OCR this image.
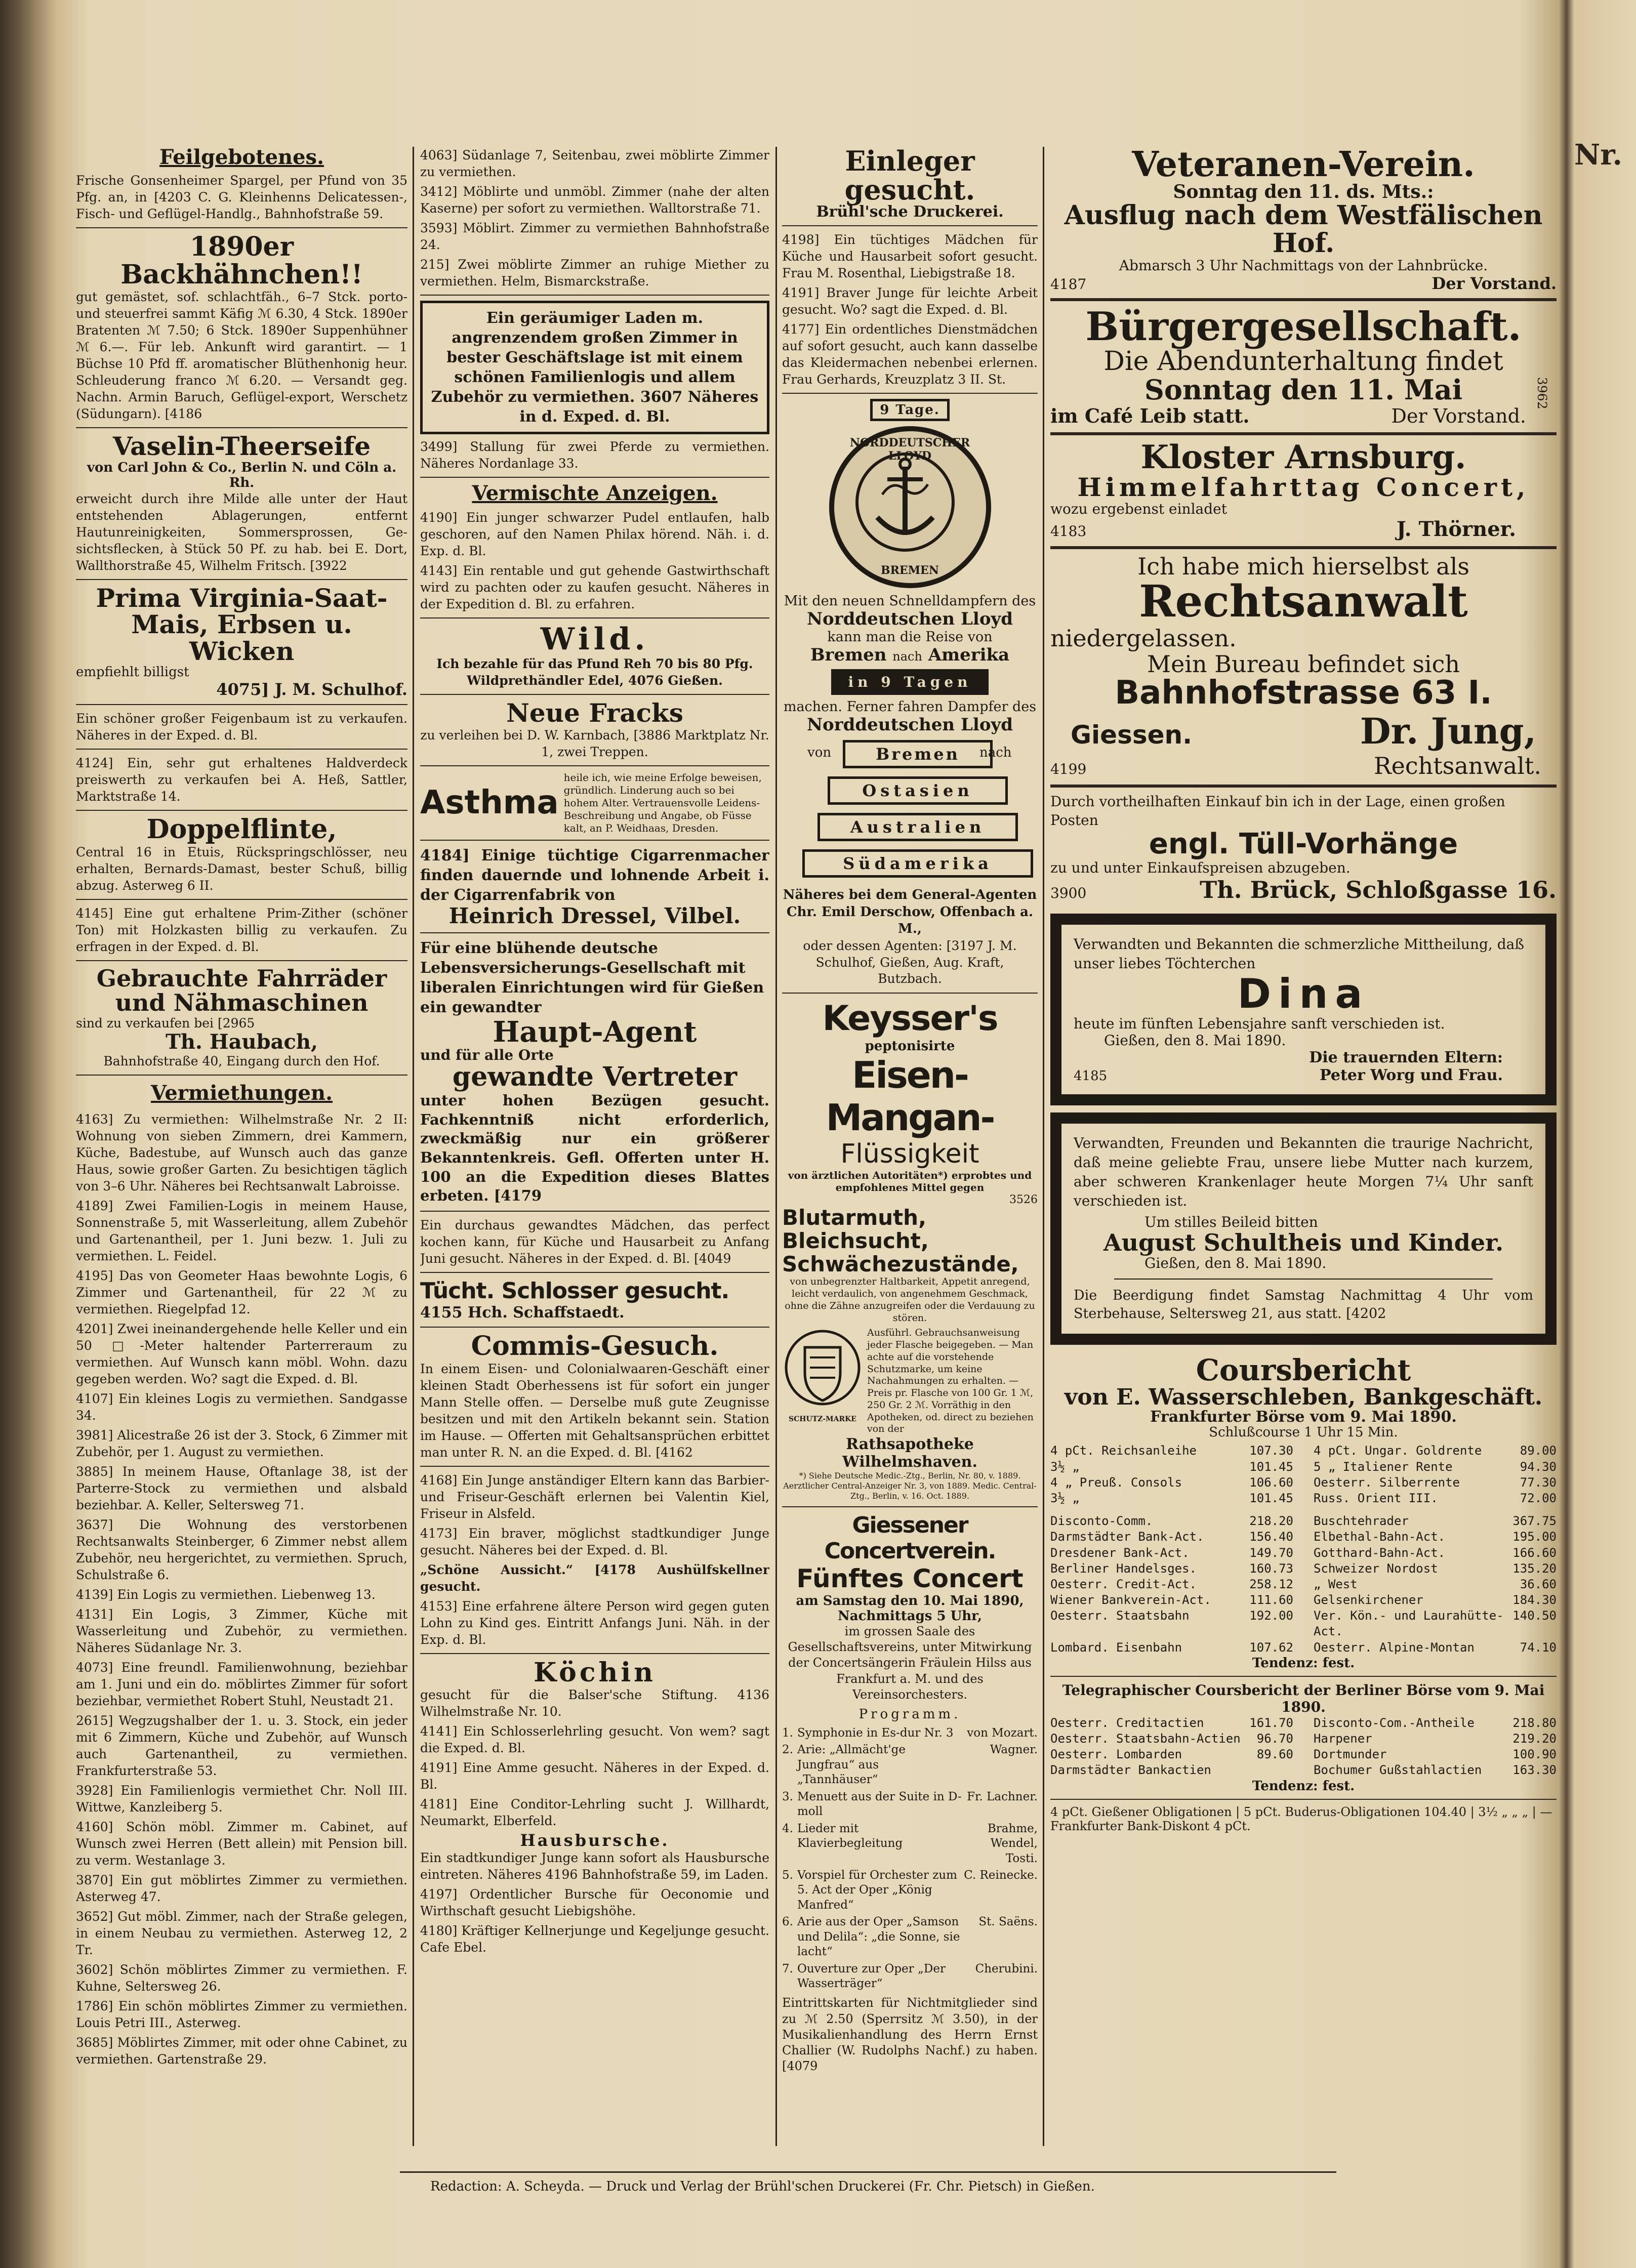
Feilgebotenes.
Frische Gonsenheimer Spargel, per Pfund von 35 Pfg. an, in [4203 C. G. Kleinhenns Delicatessen-, Fisch- und Geflügel-Handlg., Bahnhofstraße 59.
1890er Backhähnchen!!
gut gemästet, sof. schlachtfäh., 6–7 Stck. porto- und steuerfrei sammt Käfig ℳ 6.30, 4 Stck. 1890er Bratenten ℳ 7.50; 6 Stck. 1890er Suppenhühner ℳ 6.—. Für leb. Ankunft wird garantirt. — 1 Büchse 10 Pfd ff. aromatischer Blüthenhonig heur. Schleuderung franco ℳ 6.20. — Versandt geg. Nachn. Armin Baruch, Geflügel-export, Werschetz (Südungarn). [4186
Vaselin-Theerseife
von Carl John & Co., Berlin N. und Cöln a. Rh.
erweicht durch ihre Milde alle unter der Haut entstehenden Ablagerungen, entfernt Hautunreinigkeiten, Sommersprossen, Ge-sichtsflecken, à Stück 50 Pf. zu hab. bei E. Dort, Wallthorstraße 45, Wilhelm Fritsch. [3922
Prima Virginia-Saat-Mais, Erbsen u. Wicken
empfiehlt billigst
4075] J. M. Schulhof.
Ein schöner großer Feigenbaum ist zu verkaufen. Näheres in der Exped. d. Bl.
4124] Ein, sehr gut erhaltenes Haldverdeck preiswerth zu verkaufen bei A. Heß, Sattler, Marktstraße 14.
Doppelflinte,
Central 16 in Etuis, Rückspringschlösser, neu erhalten, Bernards-Damast, bester Schuß, billig abzug. Asterweg 6 II.
4145] Eine gut erhaltene Prim-Zither (schöner Ton) mit Holzkasten billig zu verkaufen. Zu erfragen in der Exped. d. Bl.
Gebrauchte Fahrräder und Nähmaschinen
sind zu verkaufen bei [2965
Th. Haubach,
Bahnhofstraße 40, Eingang durch den Hof.
Vermiethungen.
4163] Zu vermiethen: Wilhelmstraße Nr. 2 II: Wohnung von sieben Zimmern, drei Kammern, Küche, Badestube, auf Wunsch auch das ganze Haus, sowie großer Garten. Zu besichtigen täglich von 3–6 Uhr. Näheres bei Rechtsanwalt Labroisse.
4189] Zwei Familien-Logis in meinem Hause, Sonnenstraße 5, mit Wasserleitung, allem Zubehör und Gartenantheil, per 1. Juni bezw. 1. Juli zu vermiethen. L. Feidel.
4195] Das von Geometer Haas bewohnte Logis, 6 Zimmer und Gartenantheil, für 22 ℳ zu vermiethen. Riegelpfad 12.
4201] Zwei ineinandergehende helle Keller und ein 50 □-Meter haltender Parterreraum zu vermiethen. Auf Wunsch kann möbl. Wohn. dazu gegeben werden. Wo? sagt die Exped. d. Bl.
4107] Ein kleines Logis zu vermiethen. Sandgasse 34.
3981] Alicestraße 26 ist der 3. Stock, 6 Zimmer mit Zubehör, per 1. August zu vermiethen.
3885] In meinem Hause, Oftanlage 38, ist der Parterre-Stock zu vermiethen und alsbald beziehbar. A. Keller, Seltersweg 71.
3637] Die Wohnung des verstorbenen Rechtsanwalts Steinberger, 6 Zimmer nebst allem Zubehör, neu hergerichtet, zu vermiethen. Spruch, Schulstraße 6.
4139] Ein Logis zu vermiethen. Liebenweg 13.
4131] Ein Logis, 3 Zimmer, Küche mit Wasserleitung und Zubehör, zu vermiethen. Näheres Südanlage Nr. 3.
4073] Eine freundl. Familienwohnung, beziehbar am 1. Juni und ein do. möblirtes Zimmer für sofort beziehbar, vermiethet Robert Stuhl, Neustadt 21.
2615] Wegzugshalber der 1. u. 3. Stock, ein jeder mit 6 Zimmern, Küche und Zubehör, auf Wunsch auch Gartenantheil, zu vermiethen. Frankfurterstraße 53.
3928] Ein Familienlogis vermiethet Chr. Noll III. Wittwe, Kanzleiberg 5.
4160] Schön möbl. Zimmer m. Cabinet, auf Wunsch zwei Herren (Bett allein) mit Pension bill. zu verm. Westanlage 3.
3870] Ein gut möblirtes Zimmer zu vermiethen. Asterweg 47.
3652] Gut möbl. Zimmer, nach der Straße gelegen, in einem Neubau zu vermiethen. Asterweg 12, 2 Tr.
3602] Schön möblirtes Zimmer zu vermiethen. F. Kuhne, Seltersweg 26.
1786] Ein schön möblirtes Zimmer zu vermiethen. Louis Petri III., Asterweg.
3685] Möblirtes Zimmer, mit oder ohne Cabinet, zu vermiethen. Gartenstraße 29.
4063] Südanlage 7, Seitenbau, zwei möblirte Zimmer zu vermiethen.
3412] Möblirte und unmöbl. Zimmer (nahe der alten Kaserne) per sofort zu vermiethen. Walltorstraße 71.
3593] Möblirt. Zimmer zu vermiethen Bahnhofstraße 24.
215] Zwei möblirte Zimmer an ruhige Miether zu vermiethen. Helm, Bismarckstraße.
Ein geräumiger Laden m. angrenzendem großen Zimmer in bester Geschäftslage ist mit einem schönen Familienlogis und allem Zubehör zu vermiethen. 3607 Näheres in d. Exped. d. Bl.
3499] Stallung für zwei Pferde zu vermiethen. Näheres Nordanlage 33.
Vermischte Anzeigen.
4190] Ein junger schwarzer Pudel entlaufen, halb geschoren, auf den Namen Philax hörend. Näh. i. d. Exp. d. Bl.
4143] Ein rentable und gut gehende Gastwirthschaft wird zu pachten oder zu kaufen gesucht. Näheres in der Expedition d. Bl. zu erfahren.
Wild.
Ich bezahle für das Pfund Reh 70 bis 80 Pfg. Wildprethändler Edel, 4076 Gießen.
Neue Fracks
zu verleihen bei D. W. Karnbach, [3886 Marktplatz Nr. 1, zwei Treppen.
Asthma
heile ich, wie meine Erfolge beweisen, gründlich. Linderung auch so bei hohem Alter. Vertrauensvolle Leidens-Beschreibung und Angabe, ob Füsse kalt, an P. Weidhaas, Dresden.
4184] Einige tüchtige Cigarrenmacher finden dauernde und lohnende Arbeit i. der Cigarrenfabrik von
Heinrich Dressel, Vilbel.
Für eine blühende deutsche Lebensversicherungs-Gesellschaft mit liberalen Einrichtungen wird für Gießen ein gewandter
Haupt-Agent
und für alle Orte
gewandte Vertreter
unter hohen Bezügen gesucht. Fachkenntniß nicht erforderlich, zweckmäßig nur ein größerer Bekanntenkreis. Gefl. Offerten unter H. 100 an die Expedition dieses Blattes erbeten. [4179
Ein durchaus gewandtes Mädchen, das perfect kochen kann, für Küche und Hausarbeit zu Anfang Juni gesucht. Näheres in der Exped. d. Bl. [4049
Tücht. Schlosser gesucht.
4155 Hch. Schaffstaedt.
Commis-Gesuch.
In einem Eisen- und Colonialwaaren-Geschäft einer kleinen Stadt Oberhessens ist für sofort ein junger Mann Stelle offen. — Derselbe muß gute Zeugnisse besitzen und mit den Artikeln bekannt sein. Station im Hause. — Offerten mit Gehaltsansprüchen erbittet man unter R. N. an die Exped. d. Bl. [4162
4168] Ein Junge anständiger Eltern kann das Barbier- und Friseur-Geschäft erlernen bei Valentin Kiel, Friseur in Alsfeld.
4173] Ein braver, möglichst stadtkundiger Junge gesucht. Näheres bei der Exped. d. Bl.
„Schöne Aussicht.“ [4178 Aushülfskellner gesucht.
4153] Eine erfahrene ältere Person wird gegen guten Lohn zu Kind ges. Eintritt Anfangs Juni. Näh. in der Exp. d. Bl.
Köchin
gesucht für die Balser'sche Stiftung. 4136 Wilhelmstraße Nr. 10.
4141] Ein Schlosserlehrling gesucht. Von wem? sagt die Exped. d. Bl.
4191] Eine Amme gesucht. Näheres in der Exped. d. Bl.
4181] Eine Conditor-Lehrling sucht J. Willhardt, Neumarkt, Elberfeld.
Hausbursche.
Ein stadtkundiger Junge kann sofort als Hausbursche eintreten. Näheres 4196 Bahnhofstraße 59, im Laden.
4197] Ordentlicher Bursche für Oeconomie und Wirthschaft gesucht Liebigshöhe.
4180] Kräftiger Kellnerjunge und Kegeljunge gesucht. Cafe Ebel.
Einleger gesucht.
Brühl'sche Druckerei.
4198] Ein tüchtiges Mädchen für Küche und Hausarbeit sofort gesucht. Frau M. Rosenthal, Liebigstraße 18.
4191] Braver Junge für leichte Arbeit gesucht. Wo? sagt die Exped. d. Bl.
4177] Ein ordentliches Dienstmädchen auf sofort gesucht, auch kann dasselbe das Kleidermachen nebenbei erlernen. Frau Gerhards, Kreuzplatz 3 II. St.
9 Tage.
NORDDEUTSCHER LLOYD
BREMEN
Mit den neuen Schnelldampfern des
Norddeutschen Lloyd
kann man die Reise von
Bremen nach Amerika
in 9 Tagen
machen. Ferner fahren Dampfer des
Norddeutschen Lloyd
von	nach
Bremen
Ostasien
Australien
Südamerika
Näheres bei dem General-Agenten Chr. Emil Derschow, Offenbach a. M.,
oder dessen Agenten: [3197 J. M. Schulhof, Gießen, Aug. Kraft, Butzbach.
Keysser's
peptonisirte
Eisen-Mangan-
Flüssigkeit
von ärztlichen Autoritäten*) erprobtes und empfohlenes Mittel gegen
3526
Blutarmuth, Bleichsucht, Schwächezustände,
von unbegrenzter Haltbarkeit, Appetit anregend, leicht verdaulich, von angenehmem Geschmack, ohne die Zähne anzugreifen oder die Verdauung zu stören.
SCHUTZ-MARKE
Ausführl. Gebrauchsanweisung jeder Flasche beigegeben. — Man achte auf die vorstehende Schutzmarke, um keine Nachahmungen zu erhalten. — Preis pr. Flasche von 100 Gr. 1 ℳ, 250 Gr. 2 ℳ. Vorräthig in den Apotheken, od. direct zu beziehen von der
Rathsapotheke Wilhelmshaven.
*) Siehe Deutsche Medic.-Ztg., Berlin, Nr. 80, v. 1889. Aerztlicher Central-Anzeiger Nr. 3, von 1889. Medic. Central-Ztg., Berlin, v. 16. Oct. 1889.
Giessener Concertverein.
Fünftes Concert
am Samstag den 10. Mai 1890, Nachmittags 5 Uhr,
im grossen Saale des Gesellschaftsvereins, unter Mitwirkung der Concertsängerin Fräulein Hilss aus Frankfurt a. M. und des Vereinsorchesters.
Programm.
1. Symphonie in Es-dur Nr. 3	von Mozart.
2. Arie: „Allmächt'ge Jungfrau“ aus „Tannhäuser“
Wagner.
3. Menuett aus der Suite in D-moll
Fr. Lachner.
4. Lieder mit Klavierbegleitung
Brahme, Wendel, Tosti.
5. Vorspiel für Orchester zum 5. Act der Oper „König Manfred“
C. Reinecke.
6. Arie aus der Oper „Samson und Delila“: „die Sonne, sie lacht“
St. Saëns.
7. Ouverture zur Oper „Der Wasserträger“
Cherubini.
Eintrittskarten für Nichtmitglieder sind zu ℳ 2.50 (Sperrsitz ℳ 3.50), in der Musikalienhandlung des Herrn Ernst Challier (W. Rudolphs Nachf.) zu haben. [4079
Veteranen-Verein.
Sonntag den 11. ds. Mts.:
Ausflug nach dem Westfälischen Hof.
Abmarsch 3 Uhr Nachmittags von der Lahnbrücke.
4187	Der Vorstand.
Bürgergesellschaft.
Die Abendunterhaltung findet
Sonntag den 11. Mai
im Café Leib statt.	Der Vorstand.
3962
Kloster Arnsburg.
Himmelfahrttag Concert,
wozu ergebenst einladet
4183	J. Thörner.
Ich habe mich hierselbst als
Rechtsanwalt
niedergelassen.
Mein Bureau befindet sich
Bahnhofstrasse 63 I.
Giessen.	Dr. Jung,
4199	Rechtsanwalt.
Durch vortheilhaften Einkauf bin ich in der Lage, einen großen Posten
engl. Tüll-Vorhänge
zu und unter Einkaufspreisen abzugeben.
3900	Th. Brück, Schloßgasse 16.
Verwandten und Bekannten die schmerzliche Mittheilung, daß unser liebes Töchterchen
Dina
heute im fünften Lebensjahre sanft verschieden ist.
Gießen, den 8. Mai 1890.
Die trauernden Eltern:
4185	Peter Worg und Frau.
Verwandten, Freunden und Bekannten die traurige Nachricht, daß meine geliebte Frau, unsere liebe Mutter nach kurzem, aber schweren Krankenlager heute Morgen 7¼ Uhr sanft verschieden ist.
Um stilles Beileid bitten
August Schultheis und Kinder.
Gießen, den 8. Mai 1890.
Die Beerdigung findet Samstag Nachmittag 4 Uhr vom Sterbehause, Seltersweg 21, aus statt. [4202
Coursbericht
von E. Wasserschleben, Bankgeschäft.
Frankfurter Börse vom 9. Mai 1890.
Schlußcourse 1 Uhr 15 Min.
4 pCt. Reichsanleihe	107.30 4 pCt. Ungar. Goldrente	89.00
3½ „	101.45 5 „ Italiener Rente	94.30
4 „ Preuß. Consols	106.60 Oesterr. Silberrente	77.30
3½ „	101.45 Russ. Orient III.	72.00
Disconto-Comm.	218.20 Buschtehrader	367.75
Darmstädter Bank-Act.	156.40 Elbethal-Bahn-Act.	195.00
Dresdener Bank-Act.	149.70 Gotthard-Bahn-Act.	166.60
Berliner Handelsges.	160.73 Schweizer Nordost	135.20
Oesterr. Credit-Act.	258.12 „ West	36.60
Wiener Bankverein-Act.	111.60 Gelsenkirchener	184.30
Oesterr. Staatsbahn	192.00 Ver. Kön.- und Laurahütte-Act.
140.50
Lombard. Eisenbahn	107.62 Oesterr. Alpine-Montan	74.10
Tendenz: fest.
Telegraphischer Coursbericht der Berliner Börse vom 9. Mai 1890.
Oesterr. Creditactien	161.70 Disconto-Com.-Antheile	218.80
Oesterr. Staatsbahn-Actien 96.70 Harpener	219.20
Oesterr. Lombarden	89.60 Dortmunder	100.90
Darmstädter Bankactien	Bochumer Gußstahlactien	163.30
Tendenz: fest.
4 pCt. Gießener Obligationen | 5 pCt. Buderus-Obligationen 104.40 | 3½ „ „ „ | — Frankfurter Bank-Diskont 4 pCt.
Redaction: A. Scheyda. — Druck und Verlag der Brühl'schen Druckerei (Fr. Chr. Pietsch) in Gießen.
Nr.
